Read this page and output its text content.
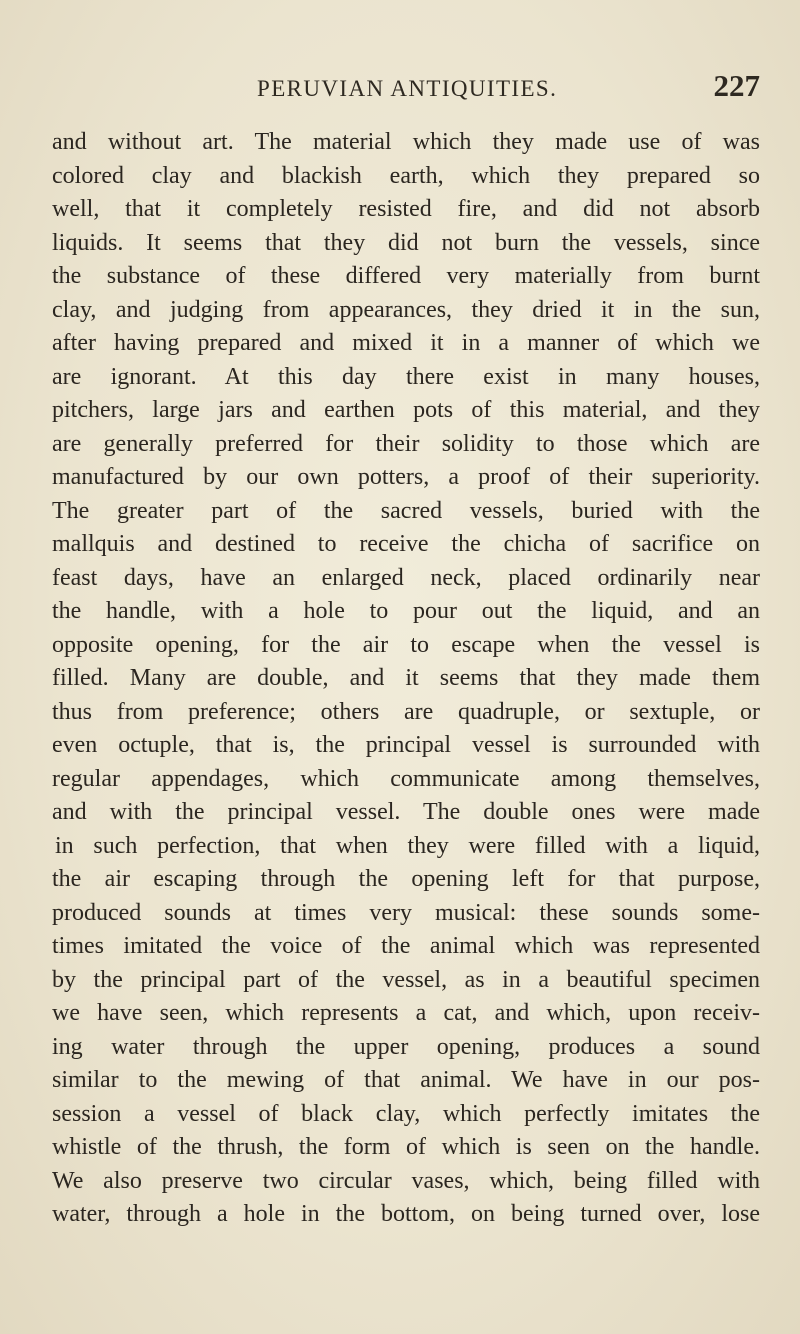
PERUVIAN ANTIQUITIES.	227
and without art. The material which they made use of was
colored clay and blackish earth, which they prepared so
well, that it completely resisted fire, and did not absorb
liquids. It seems that they did not burn the vessels, since
the substance of these differed very materially from burnt
clay, and judging from appearances, they dried it in the sun,
after having prepared and mixed it in a manner of which we
are ignorant. At this day there exist in many houses,
pitchers, large jars and earthen pots of this material, and they
are generally preferred for their solidity to those which are
manufactured by our own potters, a proof of their superiority.
The greater part of the sacred vessels, buried with the
mallquis and destined to receive the chicha of sacrifice on
feast days, have an enlarged neck, placed ordinarily near
the handle, with a hole to pour out the liquid, and an
opposite opening, for the air to escape when the vessel is
filled. Many are double, and it seems that they made them
thus from preference; others are quadruple, or sextuple, or
even octuple, that is, the principal vessel is surrounded with
regular appendages, which communicate among themselves,
and with the principal vessel. The double ones were made
in such perfection, that when they were filled with a liquid,
the air escaping through the opening left for that purpose,
produced sounds at times very musical: these sounds some-
times imitated the voice of the animal which was represented
by the principal part of the vessel, as in a beautiful specimen
we have seen, which represents a cat, and which, upon receiv-
ing water through the upper opening, produces a sound
similar to the mewing of that animal. We have in our pos-
session a vessel of black clay, which perfectly imitates the
whistle of the thrush, the form of which is seen on the handle.
We also preserve two circular vases, which, being filled with
water, through a hole in the bottom, on being turned over, lose
